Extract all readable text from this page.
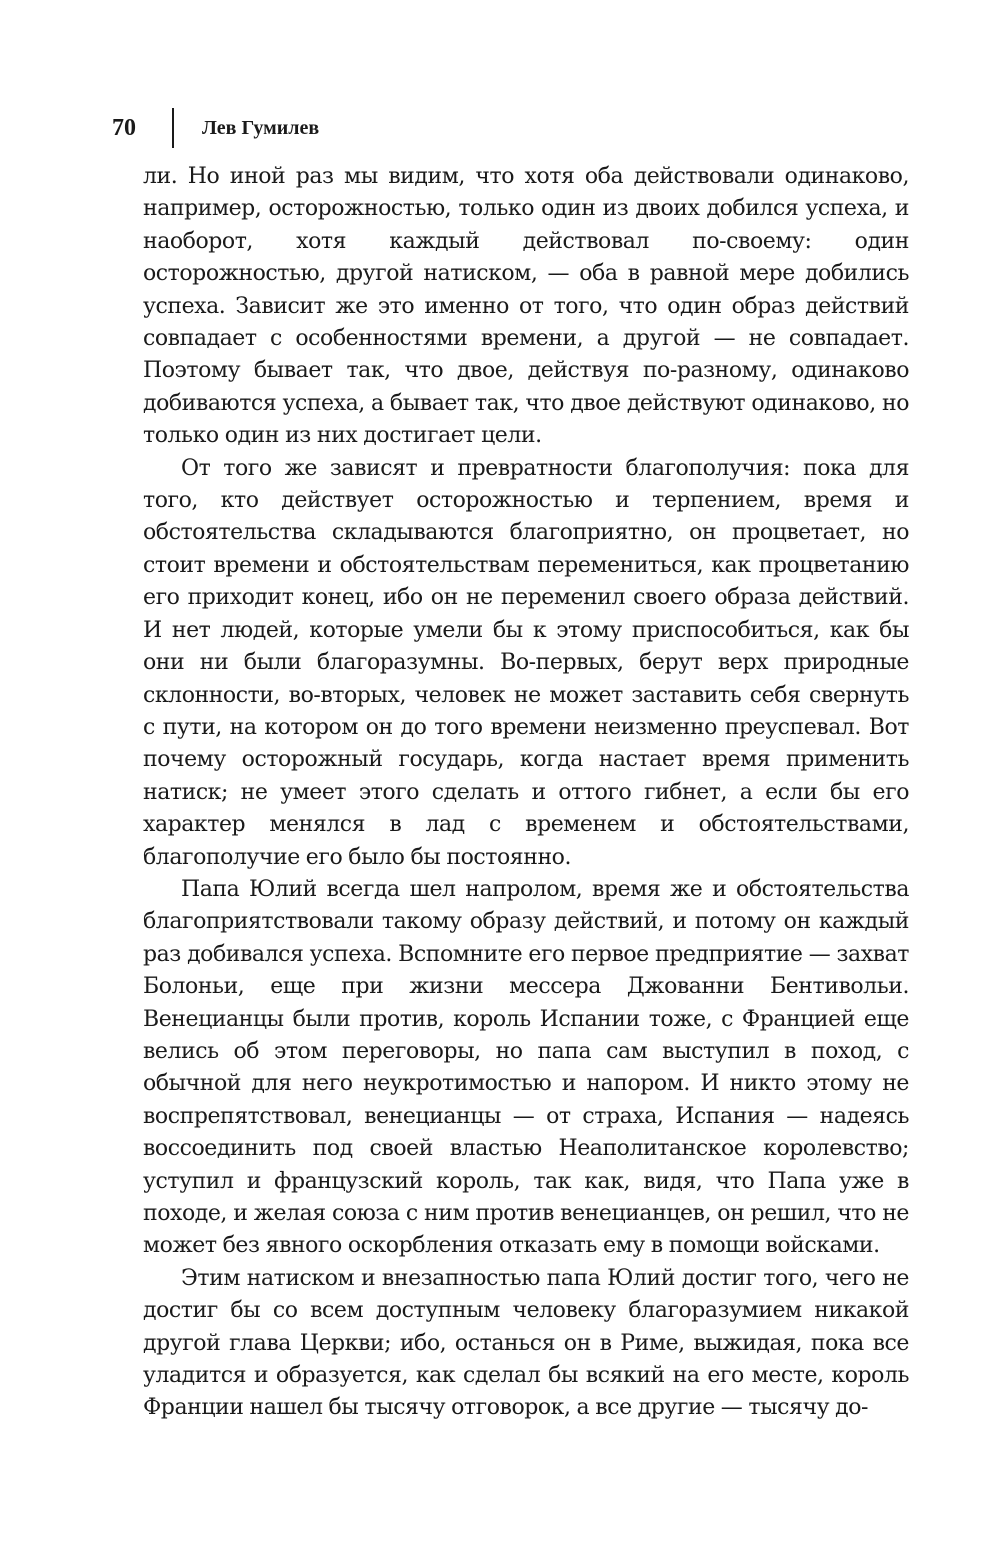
70	Лев Гумилев

ли. Но иной раз мы видим, что хотя оба действовали одинаково, например, осторожностью, только один из двоих добился успеха, и наоборот, хотя каждый действовал по-своему: один осторожностью, другой натиском, — оба в равной мере добились успеха. Зависит же это именно от того, что один образ действий совпадает с особенностями времени, а другой — не совпадает. Поэтому бывает так, что двое, действуя по-разному, одинаково добиваются успеха, а бывает так, что двое действуют одинаково, но только один из них достигает цели.

От того же зависят и превратности благополучия: пока для того, кто действует осторожностью и терпением, время и обстоятельства складываются благоприятно, он процветает, но стоит времени и обстоятельствам перемениться, как процветанию его приходит конец, ибо он не переменил своего образа действий. И нет людей, которые умели бы к этому приспособиться, как бы они ни были благоразумны. Во-первых, берут верх природные склонности, во-вторых, человек не может заставить себя свернуть с пути, на котором он до того времени неизменно преуспевал. Вот почему осторожный государь, когда настает время применить натиск; не умеет этого сделать и оттого гибнет, а если бы его характер менялся в лад с временем и обстоятельствами, благополучие его было бы постоянно.

Папа Юлий всегда шел напролом, время же и обстоятельства благоприятствовали такому образу действий, и потому он каждый раз добивался успеха. Вспомните его первое предприятие — захват Болоньи, еще при жизни мессера Джованни Бентивольи. Венецианцы были против, король Испании тоже, с Францией еще велись об этом переговоры, но папа сам выступил в поход, с обычной для него неукротимостью и напором. И никто этому не воспрепятствовал, венецианцы — от страха, Испания — надеясь воссоединить под своей властью Неаполитанское королевство; уступил и французский король, так как, видя, что Папа уже в походе, и желая союза с ним против венецианцев, он решил, что не может без явного оскорбления отказать ему в помощи войсками.

Этим натиском и внезапностью папа Юлий достиг того, чего не достиг бы со всем доступным человеку благоразумием никакой другой глава Церкви; ибо, останься он в Риме, выжидая, пока все уладится и образуется, как сделал бы всякий на его месте, король Франции нашел бы тысячу отговорок, а все другие — тысячу до-
